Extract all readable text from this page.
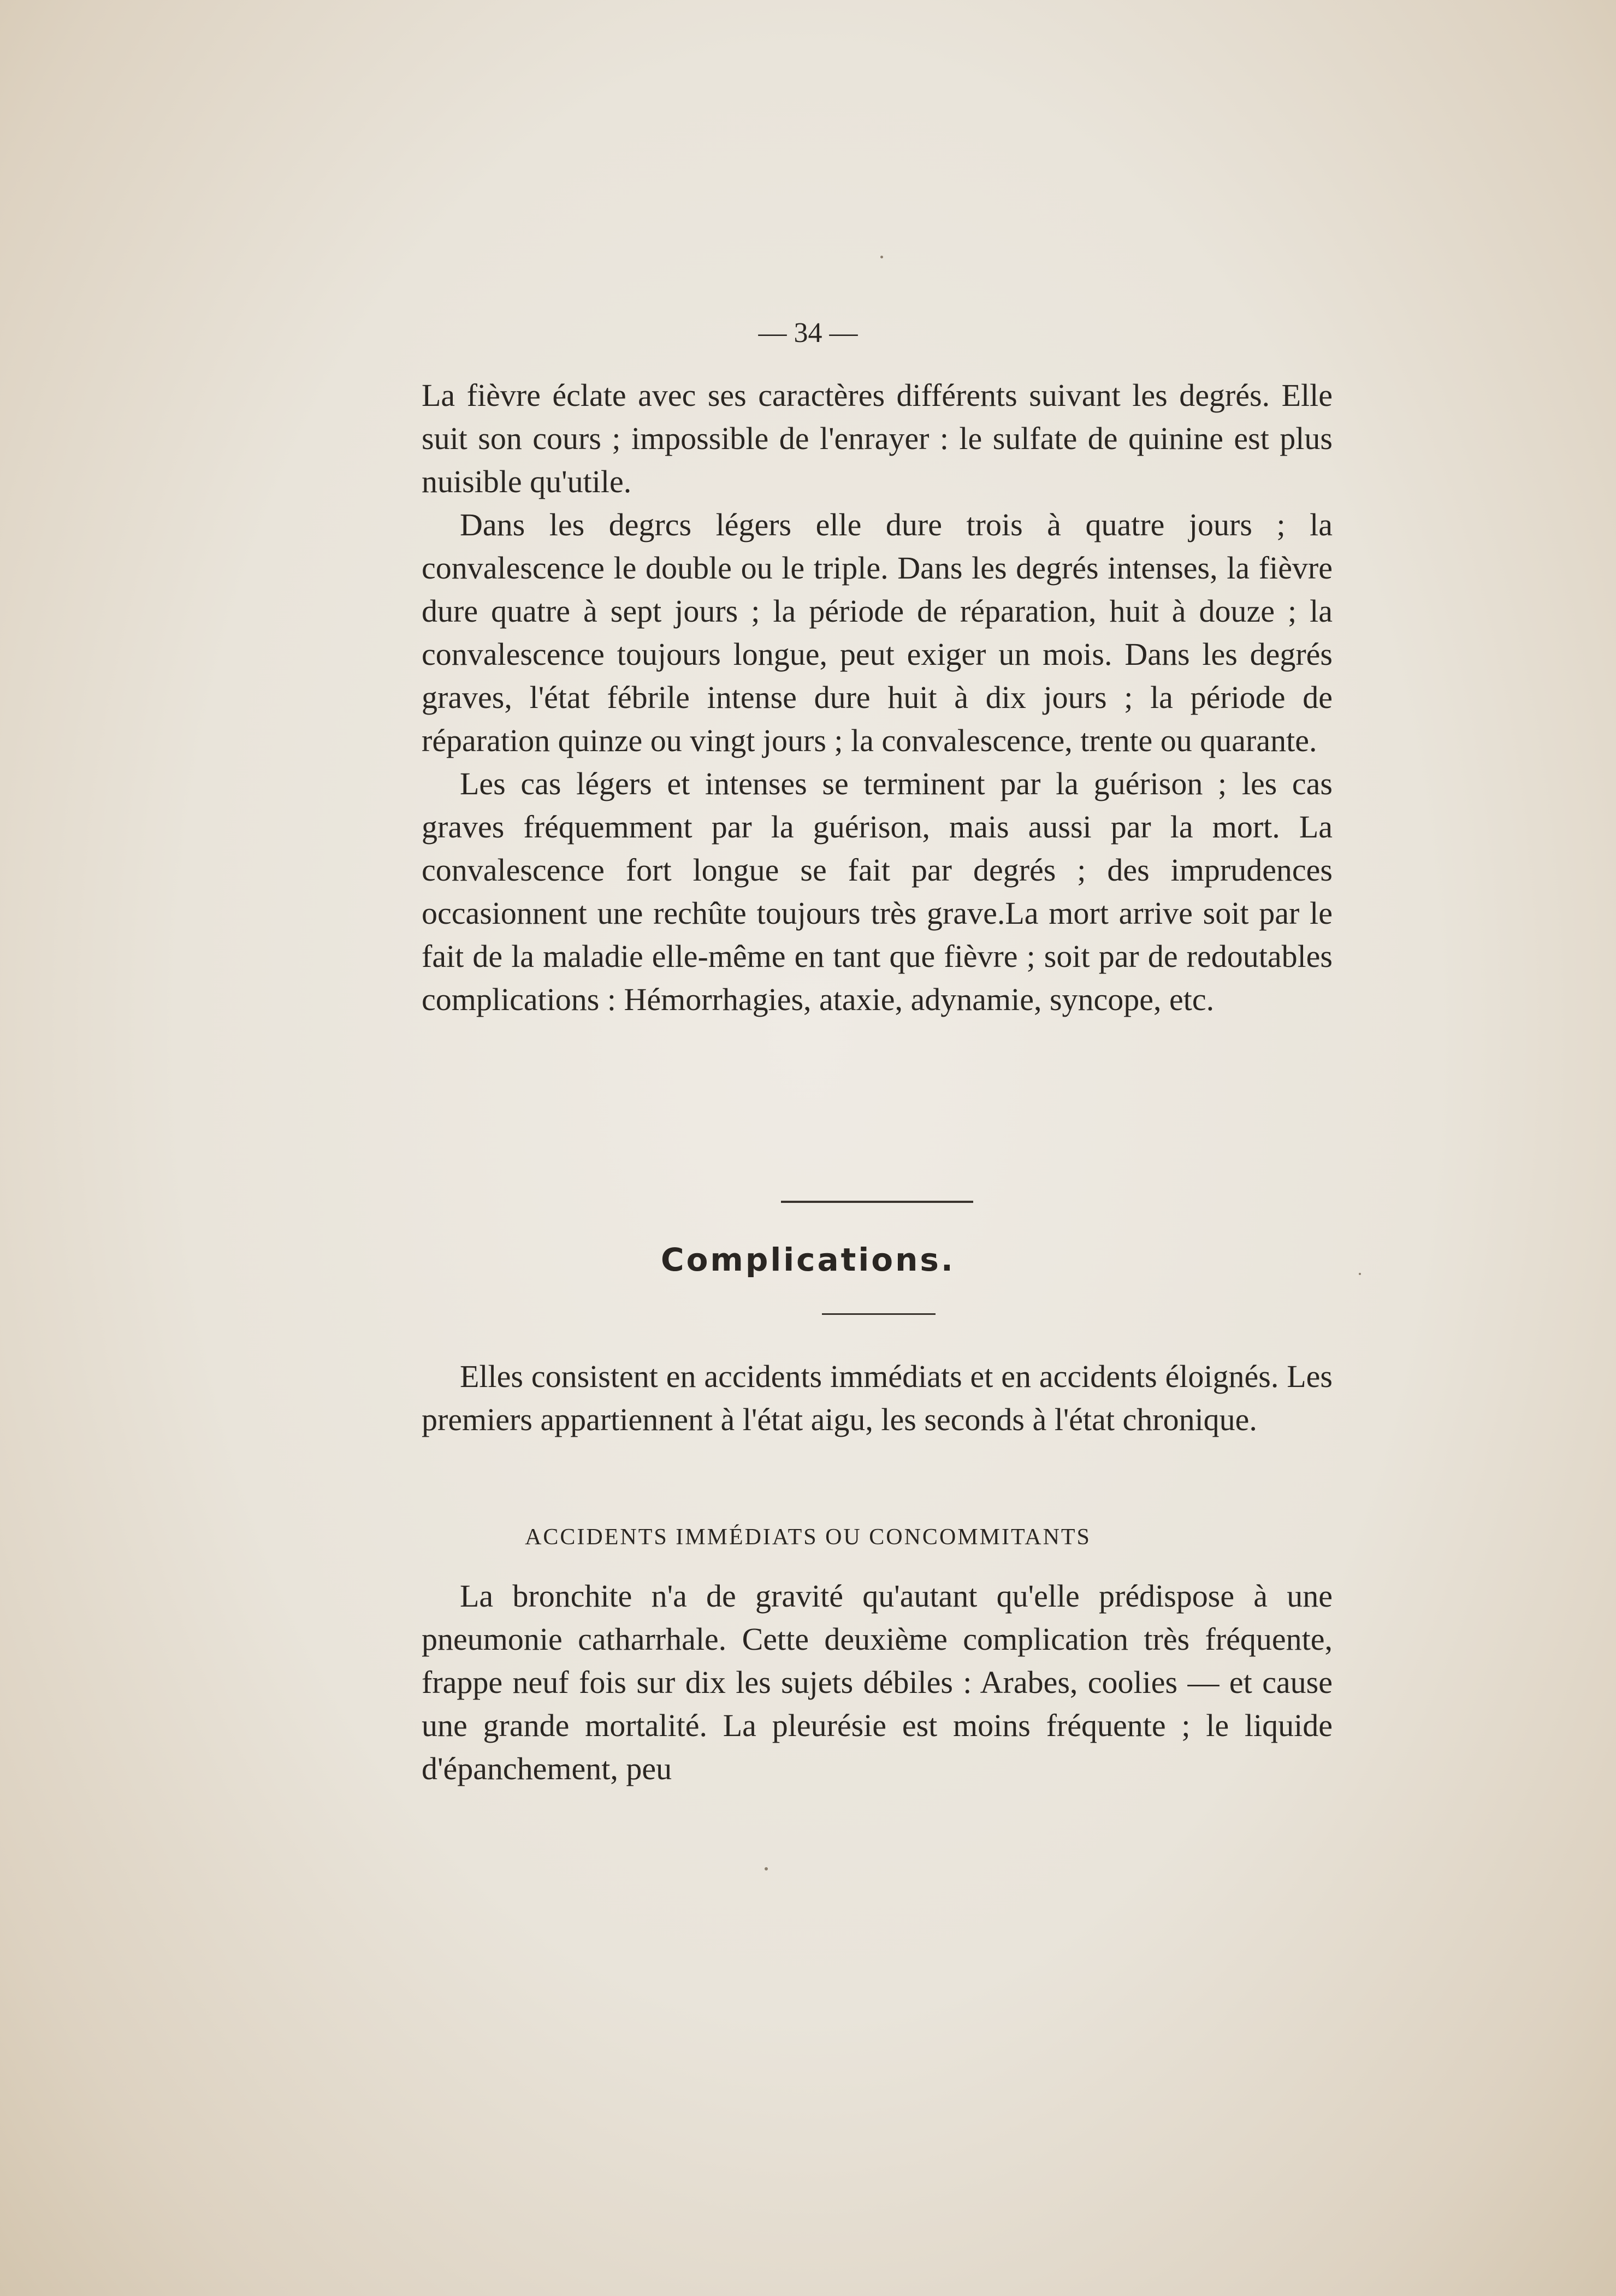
— 34 —

La fièvre éclate avec ses caractères différents suivant les degrés. Elle suit son cours ; impossible de l'enrayer : le sulfate de quinine est plus nuisible qu'utile.

Dans les degrcs légers elle dure trois à quatre jours ; la convalescence le double ou le triple. Dans les degrés intenses, la fièvre dure quatre à sept jours ; la période de réparation, huit à douze ; la convalescence toujours longue, peut exiger un mois. Dans les degrés graves, l'état fébrile intense dure huit à dix jours ; la période de réparation quinze ou vingt jours ; la convalescence, trente ou quarante.

Les cas légers et intenses se terminent par la guérison ; les cas graves fréquemment par la guérison, mais aussi par la mort. La convalescence fort longue se fait par degrés ; des imprudences occasionnent une rechûte toujours très grave.La mort arrive soit par le fait de la maladie elle-même en tant que fièvre ; soit par de redoutables complications : Hémorrhagies, ataxie, adynamie, syncope, etc.

Complications.

Elles consistent en accidents immédiats et en accidents éloignés. Les premiers appartiennent à l'état aigu, les seconds à l'état chronique.

ACCIDENTS IMMÉDIATS OU CONCOMMITANTS

La bronchite n'a de gravité qu'autant qu'elle prédispose à une pneumonie catharrhale. Cette deuxième complication très fréquente, frappe neuf fois sur dix les sujets débiles : Arabes, coolies — et cause une grande mortalité. La pleurésie est moins fréquente ; le liquide d'épanchement, peu
